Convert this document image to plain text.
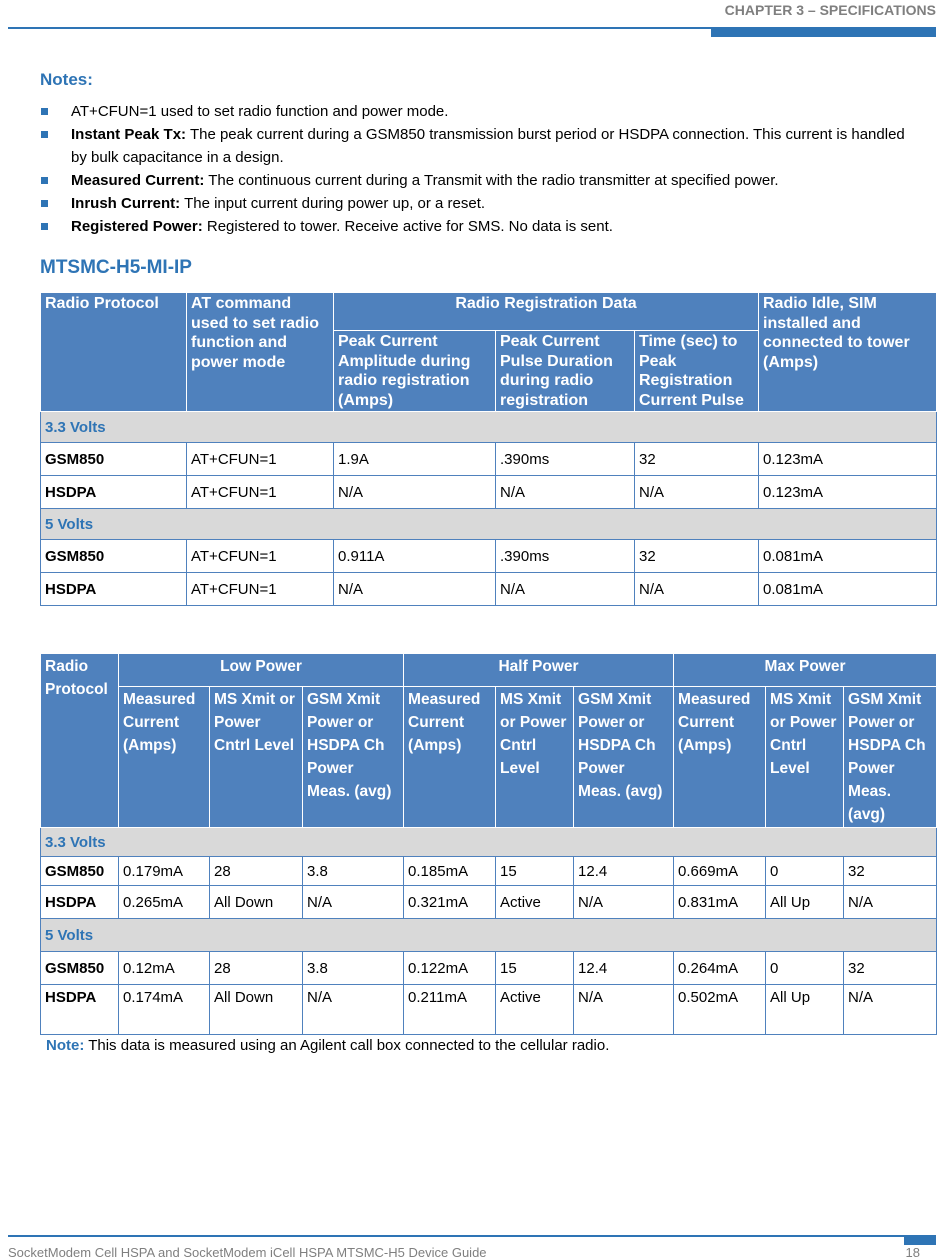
CHAPTER 3 – SPECIFICATIONS
Notes:
AT+CFUN=1 used to set radio function and power mode.
Instant Peak Tx: The peak current during a GSM850 transmission burst period or HSDPA connection. This current is handled by bulk capacitance in a design.
Measured Current: The continuous current during a Transmit with the radio transmitter at specified power.
Inrush Current: The input current during power up, or a reset.
Registered Power: Registered to tower. Receive active for SMS. No data is sent.
MTSMC-H5-MI-IP
Radio Protocol	AT command used to set radio function and power mode	Radio Registration Data			Radio Idle, SIM installed and connected to tower (Amps)
		Peak Current Amplitude during radio registration (Amps)	Peak Current Pulse Duration during radio registration	Time (sec) to Peak Registration Current Pulse	
3.3 Volts					
GSM850	AT+CFUN=1	1.9A	.390ms	32	0.123mA
HSDPA	AT+CFUN=1	N/A	N/A	N/A	0.123mA
5 Volts					
GSM850	AT+CFUN=1	0.911A	.390ms	32	0.081mA
HSDPA	AT+CFUN=1	N/A	N/A	N/A	0.081mA
Radio Protocol	Low Power			Half Power			Max Power		
	Measured Current (Amps)	MS Xmit or Power Cntrl Level	GSM Xmit Power or HSDPA Ch Power Meas. (avg)	Measured Current (Amps)	MS Xmit or Power Cntrl Level	GSM Xmit Power or HSDPA Ch Power Meas. (avg)	Measured Current (Amps)	MS Xmit or Power Cntrl Level	GSM Xmit Power or HSDPA Ch Power Meas. (avg)
3.3 Volts									
GSM850	0.179mA	28	3.8	0.185mA	15	12.4	0.669mA	0	32
HSDPA	0.265mA	All Down	N/A	0.321mA	Active	N/A	0.831mA	All Up	N/A
5 Volts									
GSM850	0.12mA	28	3.8	0.122mA	15	12.4	0.264mA	0	32
HSDPA	0.174mA	All Down	N/A	0.211mA	Active	N/A	0.502mA	All Up	N/A
Note: This data is measured using an Agilent call box connected to the cellular radio.
SocketModem Cell HSPA and SocketModem iCell HSPA MTSMC-H5 Device Guide	18
